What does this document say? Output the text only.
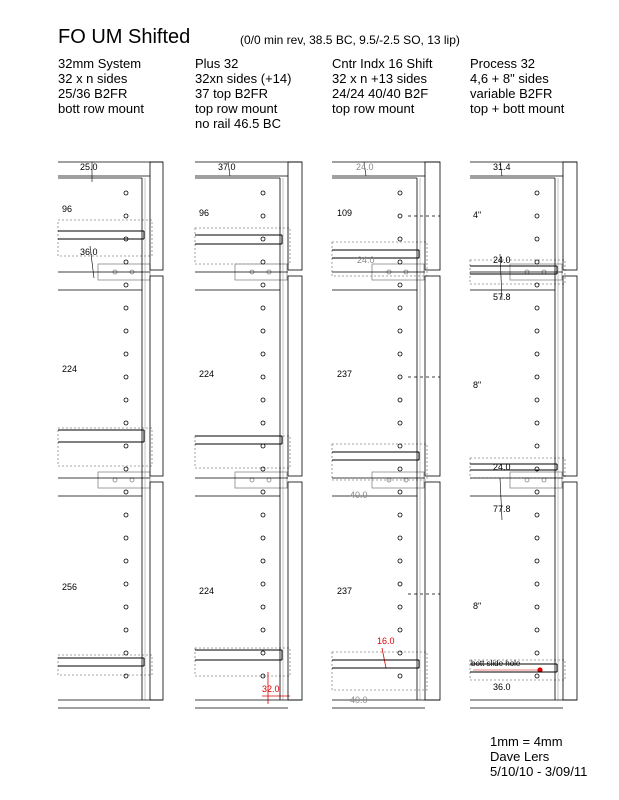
FO UM Shifted	(0/0 min rev, 38.5 BC, 9.5/-2.5 SO, 13 lip)
32mm System
32 x n sides
25/36 B2FR
bott row mount
Plus 32
32xn sides (+14)
37 top B2FR
top row mount
no rail 46.5 BC
Cntr Indx 16 Shift
32 x n +13 sides
24/24 40/40 B2F
top row mount
Process 32
4,6 + 8" sides
variable B2FR
top + bott mount
25.0
96
36.0
224
256
37.0
96
224
224
32.0
24.0
109
24.0
237
40.0
237
16.0
40.0
31.4
4"
24.0
57.8
8"
24.0
77.8
8"
bott slide hole
36.0
1mm = 4mm
Dave Lers
5/10/10 - 3/09/11
